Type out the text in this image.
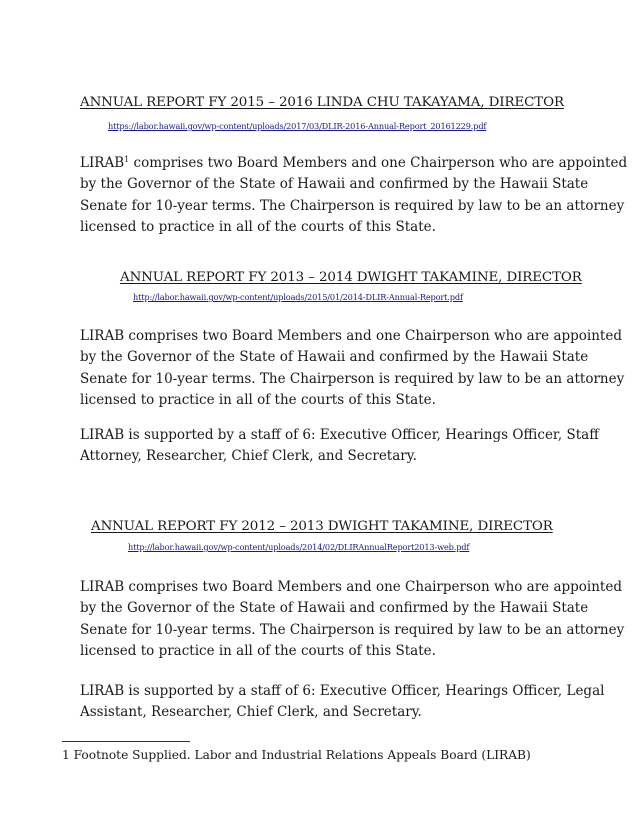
ANNUAL REPORT FY 2015 – 2016 LINDA CHU TAKAYAMA, DIRECTOR
https://labor.hawaii.gov/wp-content/uploads/2017/03/DLIR-2016-Annual-Report_20161229.pdf
LIRAB$^1$ comprises two Board Members and one Chairperson who are appointed
by the Governor of the State of Hawaii and confirmed by the Hawaii State
Senate for 10-year terms. The Chairperson is required by law to be an attorney
licensed to practice in all of the courts of this State.
ANNUAL REPORT FY 2013 – 2014 DWIGHT TAKAMINE, DIRECTOR
http://labor.hawaii.gov/wp-content/uploads/2015/01/2014-DLIR-Annual-Report.pdf
LIRAB comprises two Board Members and one Chairperson who are appointed
by the Governor of the State of Hawaii and confirmed by the Hawaii State
Senate for 10-year terms. The Chairperson is required by law to be an attorney
licensed to practice in all of the courts of this State.
LIRAB is supported by a staff of 6: Executive Officer, Hearings Officer, Staff
Attorney, Researcher, Chief Clerk, and Secretary.
ANNUAL REPORT FY 2012 – 2013 DWIGHT TAKAMINE, DIRECTOR
http://labor.hawaii.gov/wp-content/uploads/2014/02/DLIRAnnualReport2013-web.pdf
LIRAB comprises two Board Members and one Chairperson who are appointed
by the Governor of the State of Hawaii and confirmed by the Hawaii State
Senate for 10-year terms. The Chairperson is required by law to be an attorney
licensed to practice in all of the courts of this State.
LIRAB is supported by a staff of 6: Executive Officer, Hearings Officer, Legal
Assistant, Researcher, Chief Clerk, and Secretary.
1 Footnote Supplied. Labor and Industrial Relations Appeals Board (LIRAB)
